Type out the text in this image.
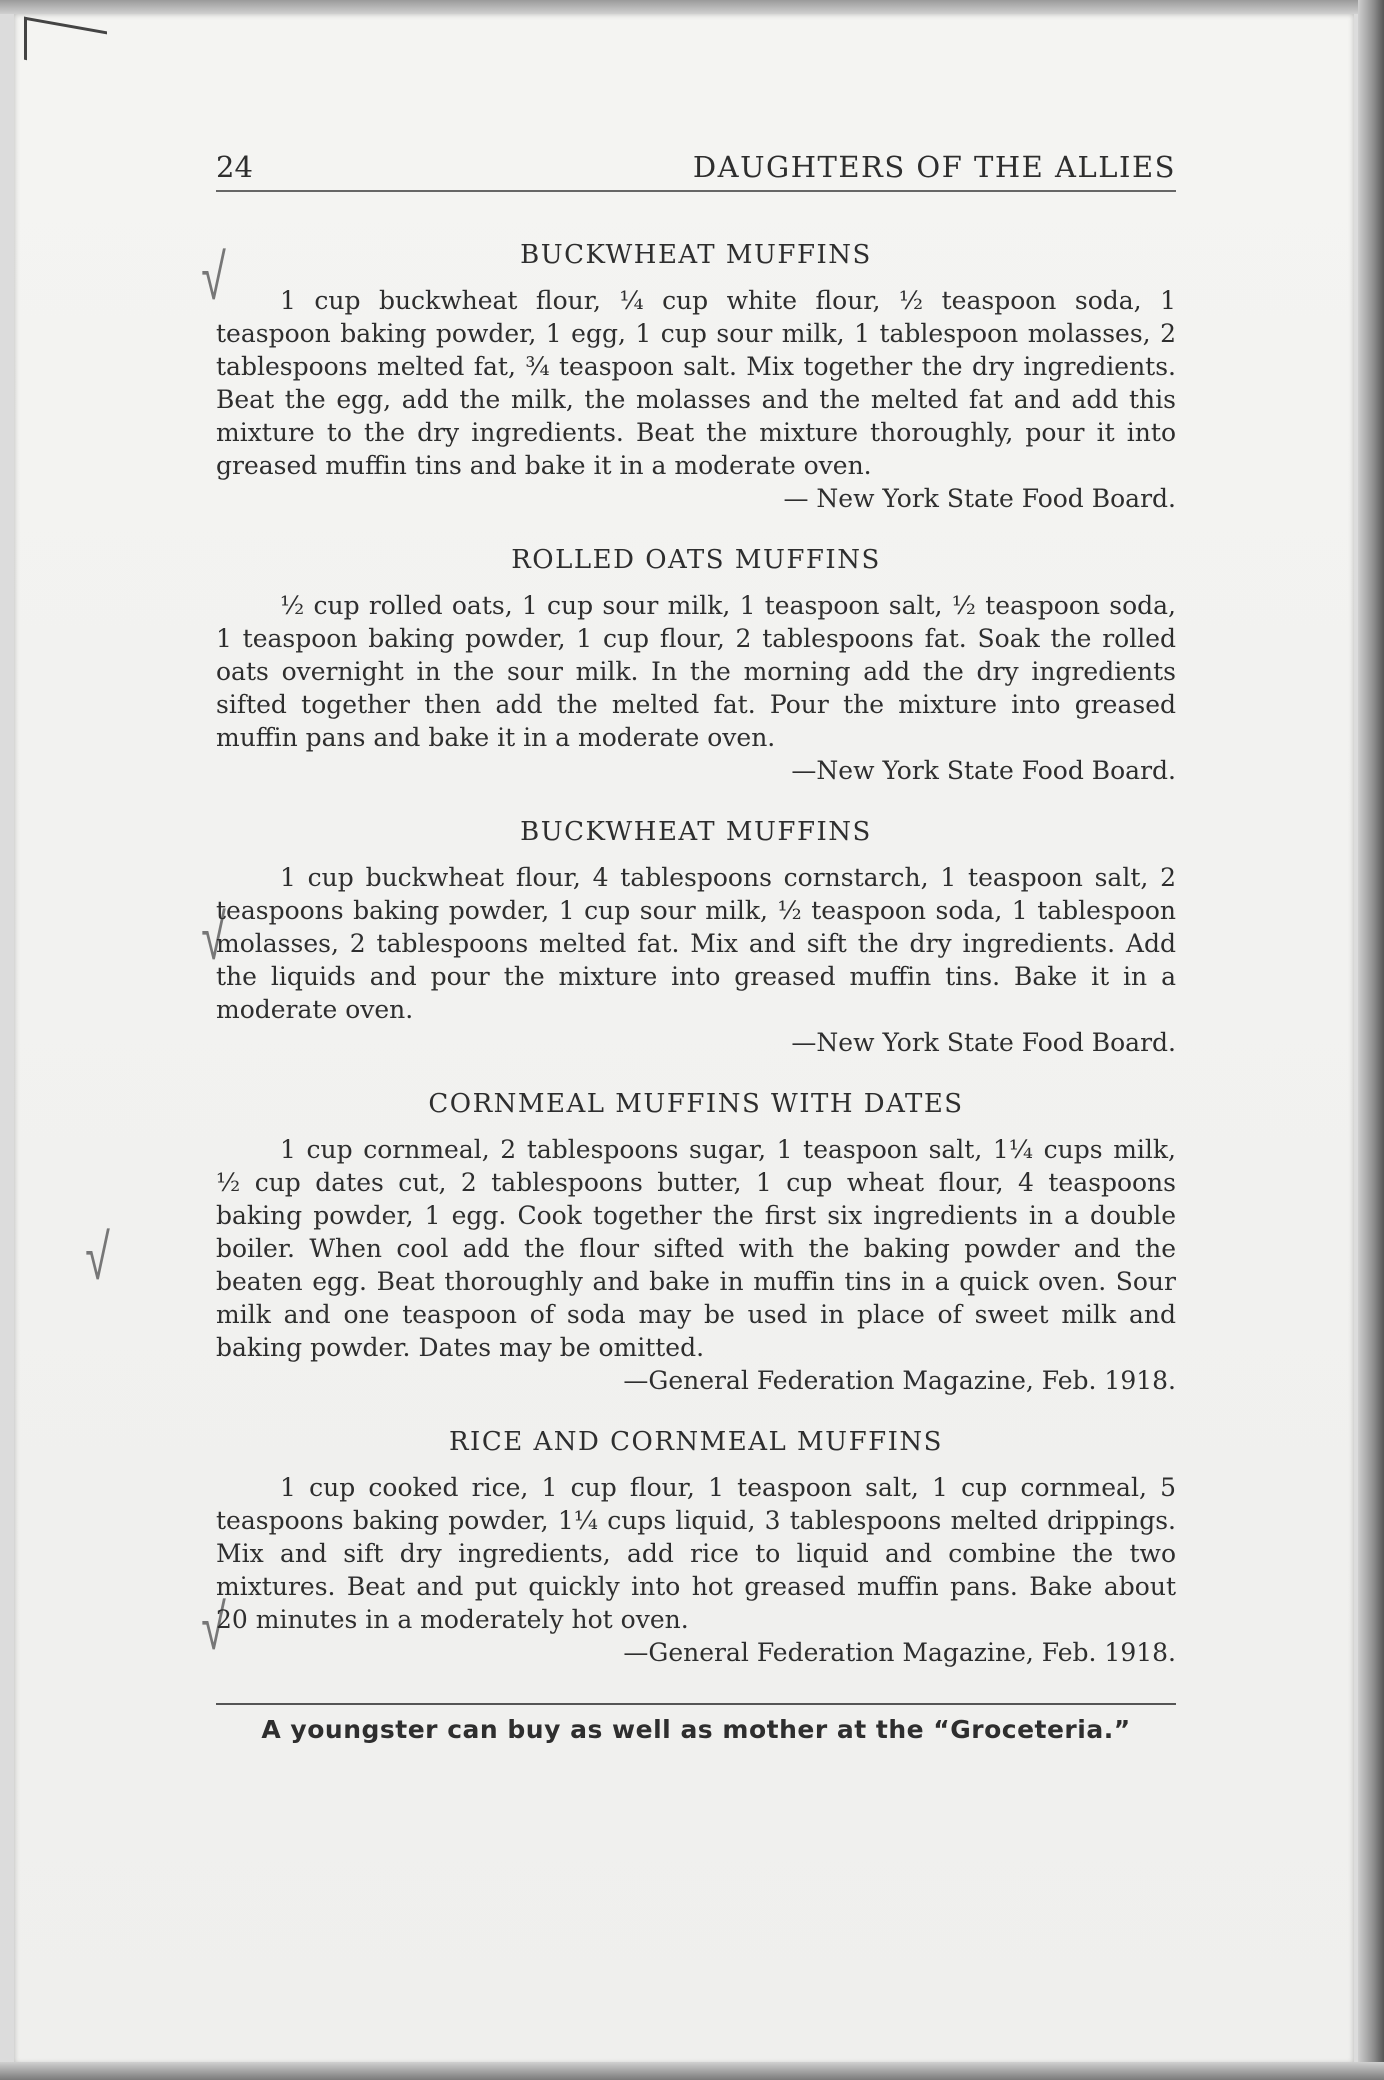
√
√
√
√
24	DAUGHTERS OF THE ALLIES
BUCKWHEAT MUFFINS

1 cup buckwheat flour, ¼ cup white flour, ½ teaspoon soda, 1 teaspoon baking powder, 1 egg, 1 cup sour milk, 1 tablespoon molasses, 2 tablespoons melted fat, ¾ teaspoon salt. Mix together the dry ingredients. Beat the egg, add the milk, the molasses and the melted fat and add this mixture to the dry ingredients. Beat the mixture thoroughly, pour it into greased muffin tins and bake it in a moderate oven.

— New York State Food Board.

ROLLED OATS MUFFINS

½ cup rolled oats, 1 cup sour milk, 1 teaspoon salt, ½ teaspoon soda, 1 teaspoon baking powder, 1 cup flour, 2 tablespoons fat. Soak the rolled oats overnight in the sour milk. In the morning add the dry ingredients sifted together then add the melted fat. Pour the mixture into greased muffin pans and bake it in a moderate oven.

—New York State Food Board.

BUCKWHEAT MUFFINS

1 cup buckwheat flour, 4 tablespoons cornstarch, 1 teaspoon salt, 2 teaspoons baking powder, 1 cup sour milk, ½ teaspoon soda, 1 tablespoon molasses, 2 tablespoons melted fat. Mix and sift the dry ingredients. Add the liquids and pour the mixture into greased muffin tins. Bake it in a moderate oven.

—New York State Food Board.

CORNMEAL MUFFINS WITH DATES

1 cup cornmeal, 2 tablespoons sugar, 1 teaspoon salt, 1¼ cups milk, ½ cup dates cut, 2 tablespoons butter, 1 cup wheat flour, 4 teaspoons baking powder, 1 egg. Cook together the first six ingredients in a double boiler. When cool add the flour sifted with the baking powder and the beaten egg. Beat thoroughly and bake in muffin tins in a quick oven. Sour milk and one teaspoon of soda may be used in place of sweet milk and baking powder. Dates may be omitted.

—General Federation Magazine, Feb. 1918.

RICE AND CORNMEAL MUFFINS

1 cup cooked rice, 1 cup flour, 1 teaspoon salt, 1 cup cornmeal, 5 teaspoons baking powder, 1¼ cups liquid, 3 tablespoons melted drippings. Mix and sift dry ingredients, add rice to liquid and combine the two mixtures. Beat and put quickly into hot greased muffin pans. Bake about 20 minutes in a moderately hot oven.

—General Federation Magazine, Feb. 1918.

A youngster can buy as well as mother at the “Groceteria.”
